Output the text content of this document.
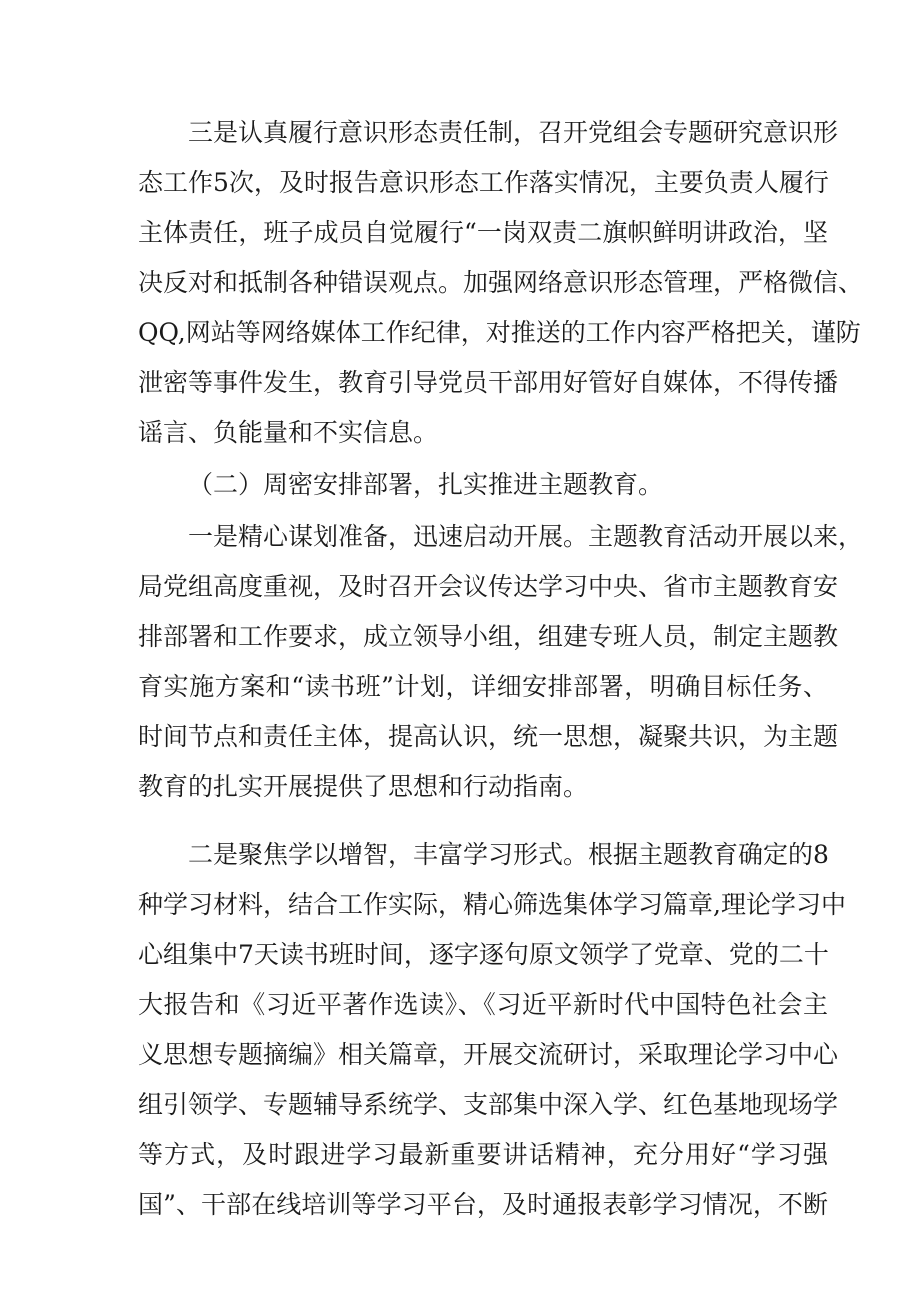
三是认真履行意识形态责任制，召开党组会专题研究意识形
态工作5次，及时报告意识形态工作落实情况，主要负责人履行
主体责任，班子成员自觉履行“一岗双责二旗帜鲜明讲政治，坚
决反对和抵制各种错误观点。加强网络意识形态管理，严格微信、
QQ,网站等网络媒体工作纪律，对推送的工作内容严格把关，谨防
泄密等事件发生，教育引导党员干部用好管好自媒体，不得传播
谣言、负能量和不实信息。
（二）周密安排部署，扎实推进主题教育。
一是精心谋划准备，迅速启动开展。主题教育活动开展以来，
局党组高度重视，及时召开会议传达学习中央、省市主题教育安
排部署和工作要求，成立领导小组，组建专班人员，制定主题教
育实施方案和“读书班”计划，详细安排部署，明确目标任务、
时间节点和责任主体，提高认识，统一思想，凝聚共识，为主题
教育的扎实开展提供了思想和行动指南。
二是聚焦学以增智，丰富学习形式。根据主题教育确定的8
种学习材料，结合工作实际，精心筛选集体学习篇章,理论学习中
心组集中7天读书班时间，逐字逐句原文领学了党章、党的二十
大报告和《习近平著作选读》、《习近平新时代中国特色社会主
义思想专题摘编》相关篇章，开展交流研讨，采取理论学习中心
组引领学、专题辅导系统学、支部集中深入学、红色基地现场学
等方式，及时跟进学习最新重要讲话精神，充分用好“学习强
国”、干部在线培训等学习平台，及时通报表彰学习情况，不断
